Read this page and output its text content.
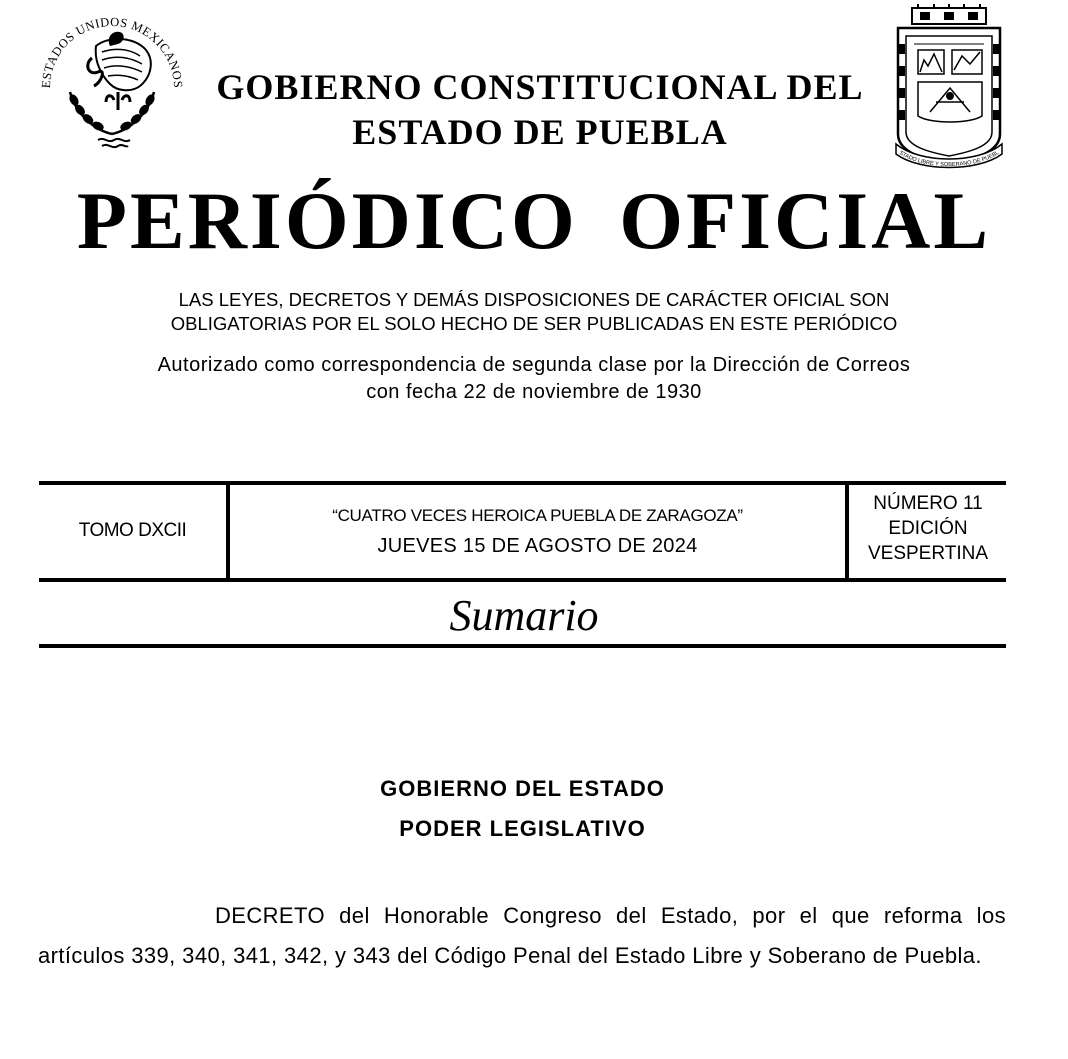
ESTADOS UNIDOS MEXICANOS
STADO LIBRE Y SOBERANO DE PUEBL
GOBIERNO CONSTITUCIONAL DEL
ESTADO DE PUEBLA
PERIÓDICO OFICIAL
LAS LEYES, DECRETOS Y DEMÁS DISPOSICIONES DE CARÁCTER OFICIAL SON
OBLIGATORIAS POR EL SOLO HECHO DE SER PUBLICADAS EN ESTE PERIÓDICO
Autorizado como correspondencia de segunda clase por la Dirección de Correos
con fecha 22 de noviembre de 1930
TOMO DXCII
“CUATRO VECES HEROICA PUEBLA DE ZARAGOZA”
JUEVES 15 DE AGOSTO DE 2024
NÚMERO 11
EDICIÓN
VESPERTINA
Sumario
GOBIERNO DEL ESTADO
PODER LEGISLATIVO
DECRETO del Honorable Congreso del Estado, por el que reforma los artículos 339, 340, 341, 342, y 343 del Código Penal del Estado Libre y Soberano de Puebla.
